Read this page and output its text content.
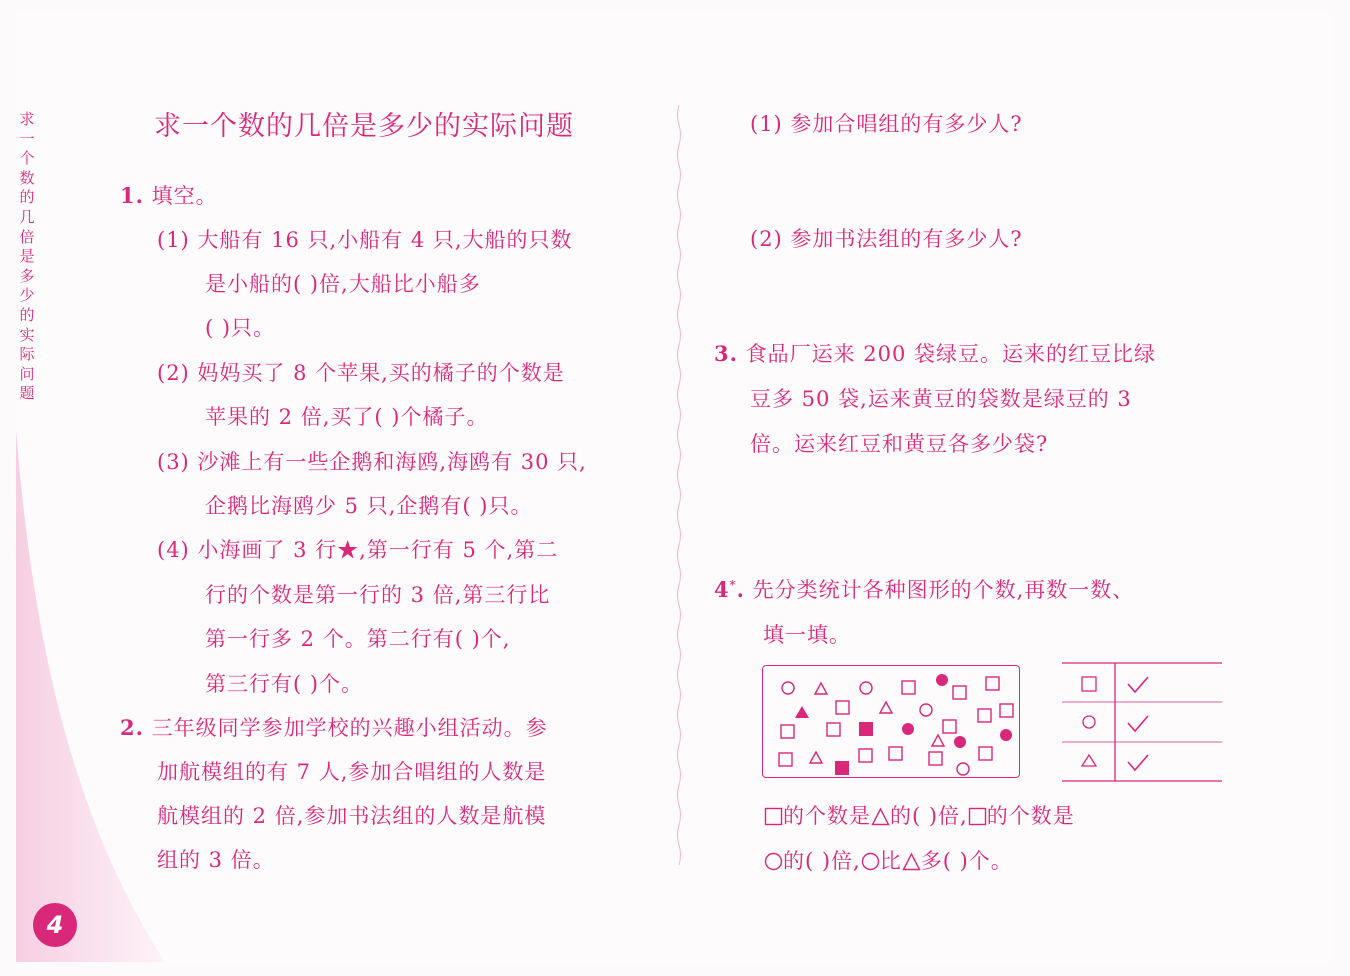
求一个数的几倍是多少的实际问题
4
求一个数的几倍是多少的实际问题
1. 填空。
(1) 大船有 16 只,小船有 4 只,大船的只数
是小船的( )倍,大船比小船多
( )只。
(2) 妈妈买了 8 个苹果,买的橘子的个数是
苹果的 2 倍,买了( )个橘子。
(3) 沙滩上有一些企鹅和海鸥,海鸥有 30 只,
企鹅比海鸥少 5 只,企鹅有( )只。
(4) 小海画了 3 行★,第一行有 5 个,第二
行的个数是第一行的 3 倍,第三行比
第一行多 2 个。第二行有( )个,
第三行有( )个。
2. 三年级同学参加学校的兴趣小组活动。参
加航模组的有 7 人,参加合唱组的人数是
航模组的 2 倍,参加书法组的人数是航模
组的 3 倍。
(1) 参加合唱组的有多少人?
(2) 参加书法组的有多少人?
3. 食品厂运来 200 袋绿豆。运来的红豆比绿
豆多 50 袋,运来黄豆的袋数是绿豆的 3
倍。运来红豆和黄豆各多少袋?
4*. 先分类统计各种图形的个数,再数一数、
填一填。
的个数是 的( )倍, 的个数是
的( )倍, 比 多( )个。
